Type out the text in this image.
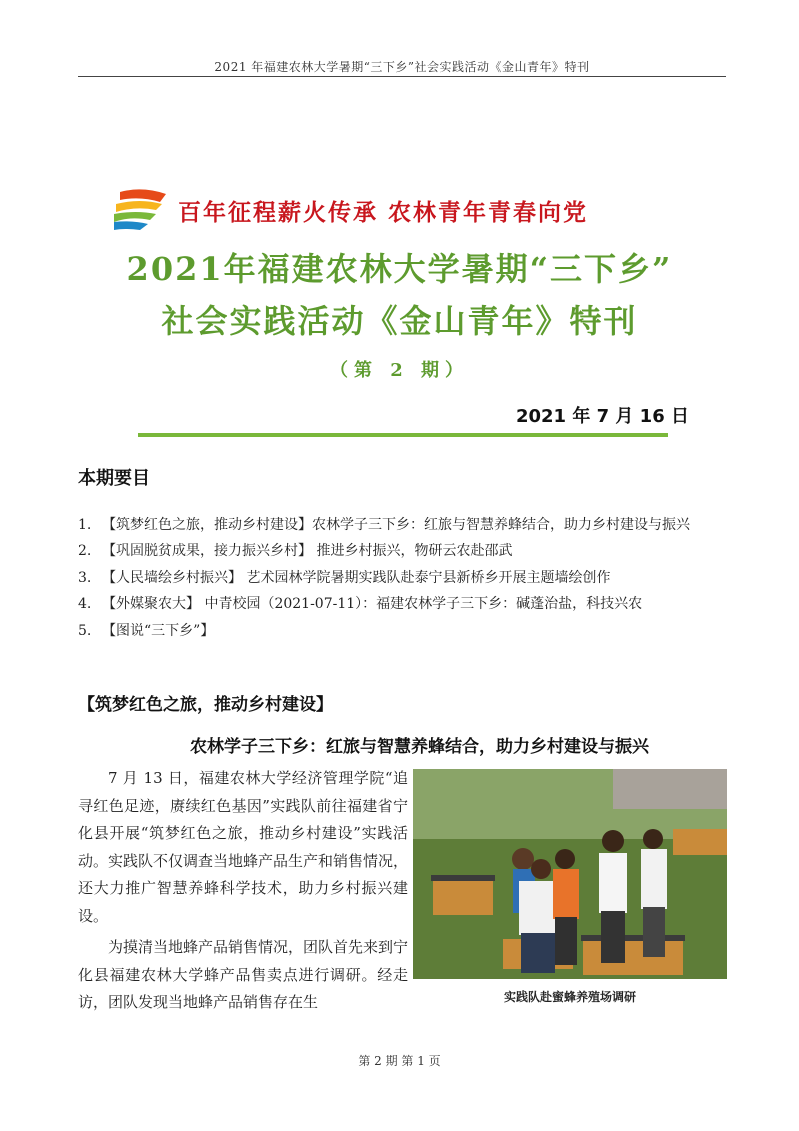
2021 年福建农林大学暑期“三下乡”社会实践活动《金山青年》特刊
百年征程薪火传承 农林青年青春向党
2021年福建农林大学暑期“三下乡”
社会实践活动《金山青年》特刊
（第 2 期）
2021 年 7 月 16 日
本期要目
1. 【筑梦红色之旅，推动乡村建设】农林学子三下乡：红旅与智慧养蜂结合，助力乡村建设与振兴
2. 【巩固脱贫成果，接力振兴乡村】 推进乡村振兴，物研云农赴邵武
3. 【人民墙绘乡村振兴】 艺术园林学院暑期实践队赴泰宁县新桥乡开展主题墙绘创作
4. 【外媒聚农大】 中青校园（2021-07-11）：福建农林学子三下乡：碱蓬治盐，科技兴农
5. 【图说“三下乡”】
【筑梦红色之旅，推动乡村建设】
农林学子三下乡：红旅与智慧养蜂结合，助力乡村建设与振兴

7 月 13 日，福建农林大学经济管理学院“追寻红色足迹，赓续红色基因”实践队前往福建省宁化县开展“筑梦红色之旅，推动乡村建设”实践活动。实践队不仅调查当地蜂产品生产和销售情况，还大力推广智慧养蜂科学技术，助力乡村振兴建设。

为摸清当地蜂产品销售情况，团队首先来到宁化县福建农林大学蜂产品售卖点进行调研。经走访，团队发现当地蜂产品销售存在生	实践队赴蜜蜂养殖场调研
第 2 期 第 1 页
